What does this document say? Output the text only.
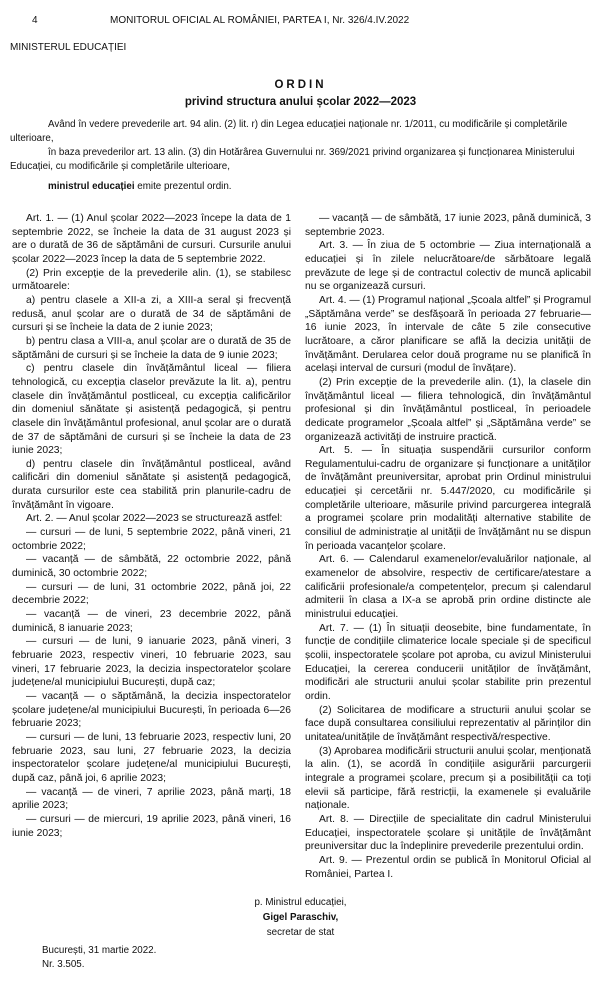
4	MONITORUL OFICIAL AL ROMÂNIEI, PARTEA I, Nr. 326/4.IV.2022
MINISTERUL EDUCAȚIEI
ORDIN
privind structura anului școlar 2022—2023

Având în vedere prevederile art. 94 alin. (2) lit. r) din Legea educației naționale nr. 1/2011, cu modificările și completările ulterioare,

în baza prevederilor art. 13 alin. (3) din Hotărârea Guvernului nr. 369/2021 privind organizarea și funcționarea Ministerului Educației, cu modificările și completările ulterioare,

ministrul educației emite prezentul ordin.

Art. 1. — (1) Anul școlar 2022—2023 începe la data de 1 septembrie 2022, se încheie la data de 31 august 2023 și are o durată de 36 de săptămâni de cursuri. Cursurile anului școlar 2022—2023 încep la data de 5 septembrie 2022.

(2) Prin excepție de la prevederile alin. (1), se stabilesc următoarele:

a) pentru clasele a XII-a zi, a XIII-a seral și frecvență redusă, anul școlar are o durată de 34 de săptămâni de cursuri și se încheie la data de 2 iunie 2023;

b) pentru clasa a VIII-a, anul școlar are o durată de 35 de săptămâni de cursuri și se încheie la data de 9 iunie 2023;

c) pentru clasele din învățământul liceal — filiera tehnologică, cu excepția claselor prevăzute la lit. a), pentru clasele din învățământul postliceal, cu excepția calificărilor din domeniul sănătate și asistență pedagogică, și pentru clasele din învățământul profesional, anul școlar are o durată de 37 de săptămâni de cursuri și se încheie la data de 23 iunie 2023;

d) pentru clasele din învățământul postliceal, având calificări din domeniul sănătate și asistență pedagogică, durata cursurilor este cea stabilită prin planurile-cadru de învățământ în vigoare.

Art. 2. — Anul școlar 2022—2023 se structurează astfel:

— cursuri — de luni, 5 septembrie 2022, până vineri, 21 octombrie 2022;

— vacanță — de sâmbătă, 22 octombrie 2022, până duminică, 30 octombrie 2022;

— cursuri — de luni, 31 octombrie 2022, până joi, 22 decembrie 2022;

— vacanță — de vineri, 23 decembrie 2022, până duminică, 8 ianuarie 2023;

— cursuri — de luni, 9 ianuarie 2023, până vineri, 3 februarie 2023, respectiv vineri, 10 februarie 2023, sau vineri, 17 februarie 2023, la decizia inspectoratelor școlare județene/al municipiului București, după caz;

— vacanță — o săptămână, la decizia inspectoratelor școlare județene/al municipiului București, în perioada 6—26 februarie 2023;

— cursuri — de luni, 13 februarie 2023, respectiv luni, 20 februarie 2023, sau luni, 27 februarie 2023, la decizia inspectoratelor școlare județene/al municipiului București, după caz, până joi, 6 aprilie 2023;

— vacanță — de vineri, 7 aprilie 2023, până marți, 18 aprilie 2023;

— cursuri — de miercuri, 19 aprilie 2023, până vineri, 16 iunie 2023;

— vacanță — de sâmbătă, 17 iunie 2023, până duminică, 3 septembrie 2023.

Art. 3. — În ziua de 5 octombrie — Ziua internațională a educației și în zilele nelucrătoare/de sărbătoare legală prevăzute de lege și de contractul colectiv de muncă aplicabil nu se organizează cursuri.

Art. 4. — (1) Programul național „Școala altfel” și Programul „Săptămâna verde” se desfășoară în perioada 27 februarie—16 iunie 2023, în intervale de câte 5 zile consecutive lucrătoare, a căror planificare se află la decizia unității de învățământ. Derularea celor două programe nu se planifică în același interval de cursuri (modul de învățare).

(2) Prin excepție de la prevederile alin. (1), la clasele din învățământul liceal — filiera tehnologică, din învățământul profesional și din învățământul postliceal, în perioadele dedicate programelor „Școala altfel” și „Săptămâna verde” se organizează activități de instruire practică.

Art. 5. — În situația suspendării cursurilor conform Regulamentului-cadru de organizare și funcționare a unităților de învățământ preuniversitar, aprobat prin Ordinul ministrului educației și cercetării nr. 5.447/2020, cu modificările și completările ulterioare, măsurile privind parcurgerea integrală a programei școlare prin modalități alternative stabilite de consiliul de administrație al unității de învățământ nu se dispun în perioada vacanțelor școlare.

Art. 6. — Calendarul examenelor/evaluărilor naționale, al examenelor de absolvire, respectiv de certificare/atestare a calificării profesionale/a competențelor, precum și calendarul admiterii în clasa a IX-a se aprobă prin ordine distincte ale ministrului educației.

Art. 7. — (1) În situații deosebite, bine fundamentate, în funcție de condițiile climaterice locale speciale și de specificul școlii, inspectoratele școlare pot aproba, cu avizul Ministerului Educației, la cererea conducerii unităților de învățământ, modificări ale structurii anului școlar stabilite prin prezentul ordin.

(2) Solicitarea de modificare a structurii anului școlar se face după consultarea consiliului reprezentativ al părinților din unitatea/unitățile de învățământ respectivă/respective.

(3) Aprobarea modificării structurii anului școlar, menționată la alin. (1), se acordă în condițiile asigurării parcurgerii integrale a programei școlare, precum și a posibilității ca toți elevii să participe, fără restricții, la examenele și evaluările naționale.

Art. 8. — Direcțiile de specialitate din cadrul Ministerului Educației, inspectoratele școlare și unitățile de învățământ preuniversitar duc la îndeplinire prevederile prezentului ordin.

Art. 9. — Prezentul ordin se publică în Monitorul Oficial al României, Partea I.

p. Ministrul educației,
Gigel Paraschiv,
secretar de stat
București, 31 martie 2022.
Nr. 3.505.
